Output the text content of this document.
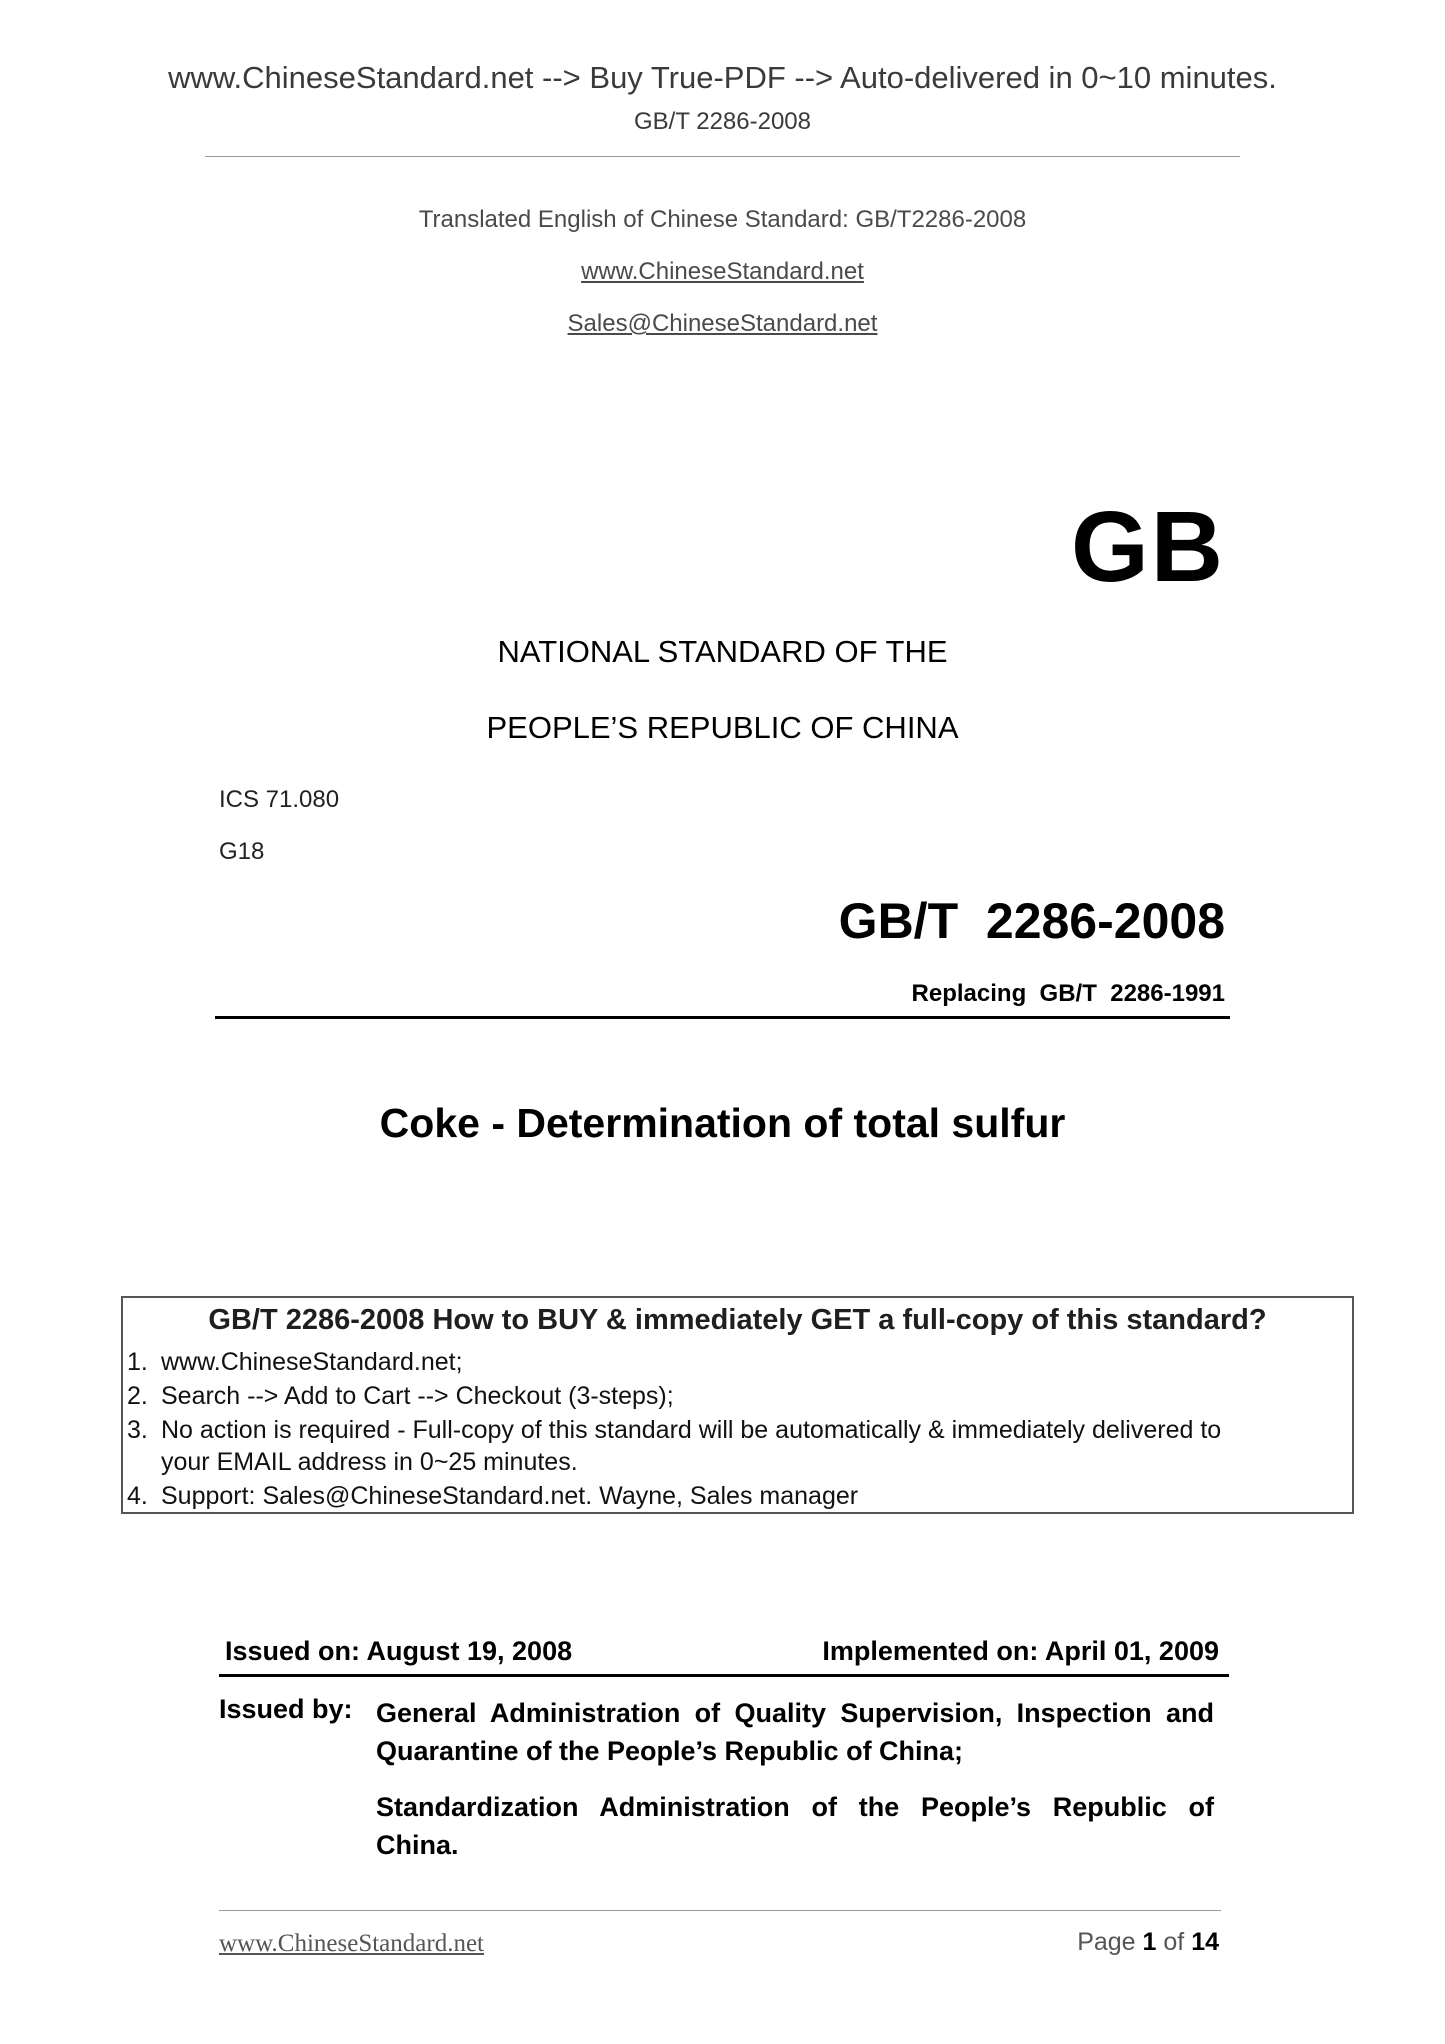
www.ChineseStandard.net --> Buy True-PDF --> Auto-delivered in 0~10 minutes.
GB/T 2286-2008
Translated English of Chinese Standard: GB/T2286-2008
www.ChineseStandard.net
Sales@ChineseStandard.net
GB
NATIONAL STANDARD OF THE
PEOPLE’S REPUBLIC OF CHINA
ICS 71.080
G18
GB/T  2286-2008
Replacing  GB/T  2286-1991
Coke - Determination of total sulfur
GB/T 2286-2008 How to BUY & immediately GET a full-copy of this standard?
1. www.ChineseStandard.net;
2. Search --> Add to Cart --> Checkout (3-steps);
3. No action is required - Full-copy of this standard will be automatically & immediately delivered to
your EMAIL address in 0~25 minutes.
4. Support: Sales@ChineseStandard.net. Wayne, Sales manager
Issued on: August 19, 2008	Implemented on: April 01, 2009
Issued by: General Administration of Quality Supervision, Inspection and Quarantine of the People’s Republic of China;
Standardization Administration of the People’s Republic of China.
www.ChineseStandard.net	Page 1 of 14
